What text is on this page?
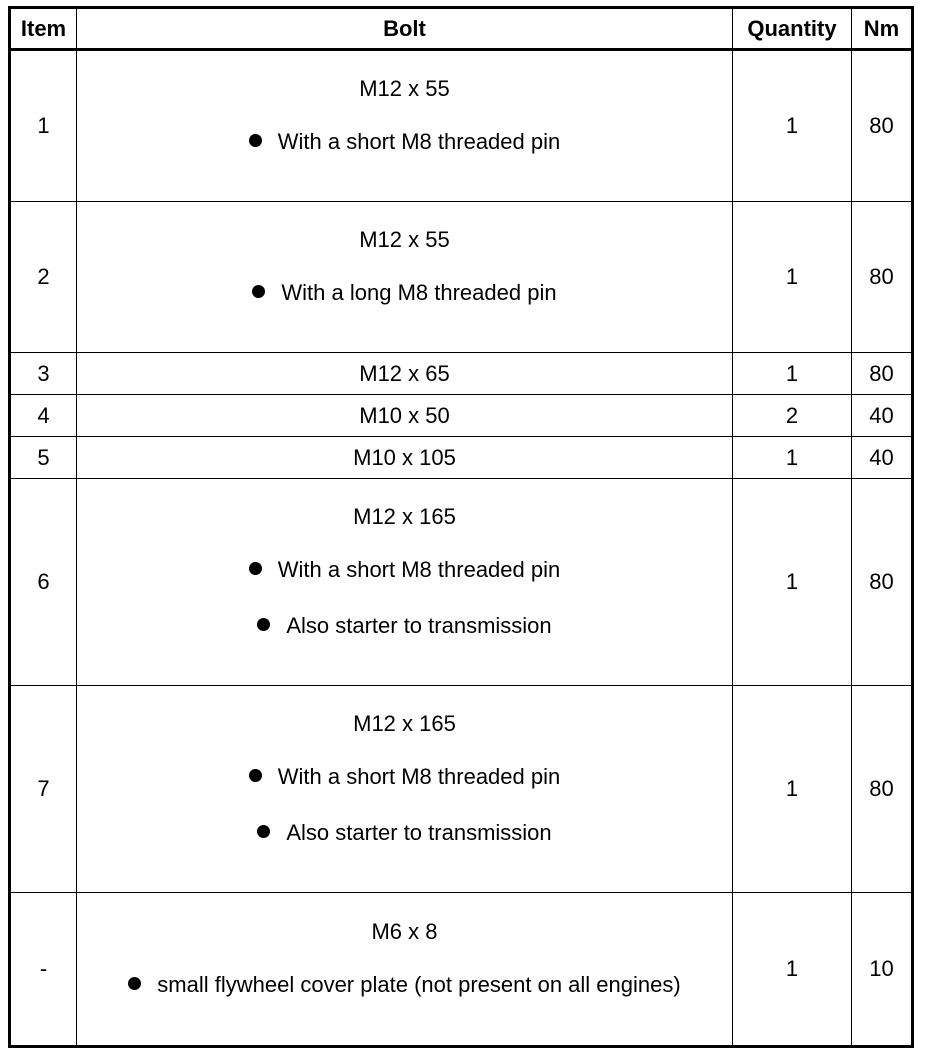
Item	Bolt	Quantity	Nm
1	M12 x 55
With a short M8 threaded pin	1	80
2	M12 x 55
With a long M8 threaded pin	1	80
3	M12 x 65	1	80
4	M10 x 50	2	40
5	M10 x 105	1	40
6	M12 x 165
With a short M8 threaded pin
Also starter to transmission	1	80
7	M12 x 165
With a short M8 threaded pin
Also starter to transmission	1	80
-	M6 x 8
small flywheel cover plate (not present on all engines)	1	10
